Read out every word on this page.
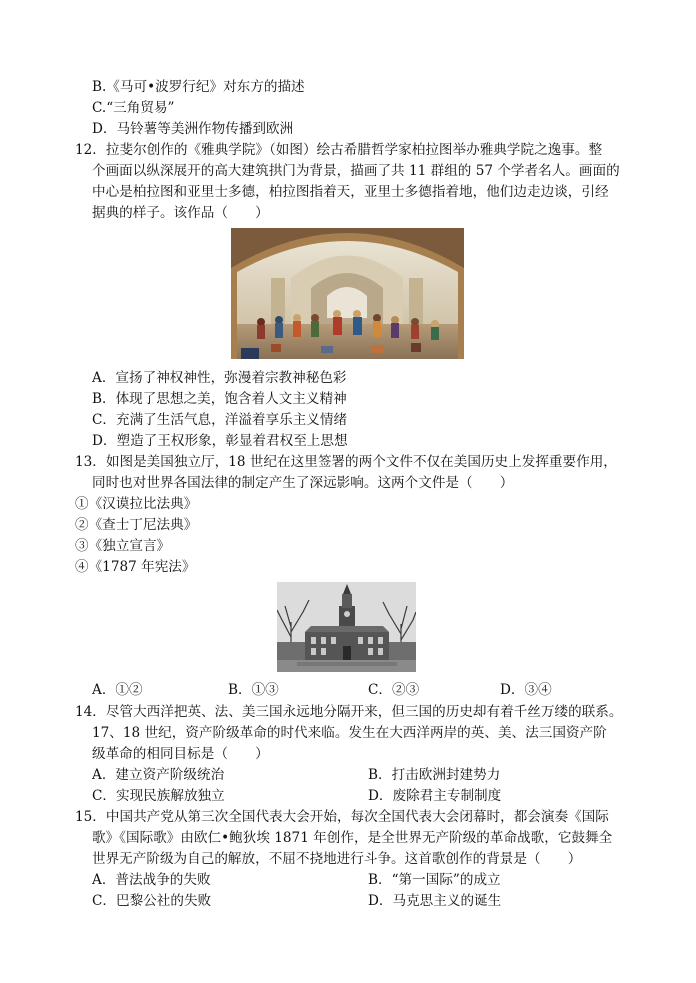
B.《马可•波罗行纪》对东方的描述
C.“三角贸易”
D．马铃薯等美洲作物传播到欧洲
12．拉斐尔创作的《雅典学院》（如图）绘古希腊哲学家柏拉图举办雅典学院之逸事。整
个画面以纵深展开的高大建筑拱门为背景，描画了共 11 群组的 57 个学者名人。画面的
中心是柏拉图和亚里士多德，柏拉图指着天，亚里士多德指着地，他们边走边谈，引经
据典的样子。该作品（　　）
A．宣扬了神权神性，弥漫着宗教神秘色彩
B．体现了思想之美，饱含着人文主义精神
C．充满了生活气息，洋溢着享乐主义情绪
D．塑造了王权形象，彰显着君权至上思想
13．如图是美国独立厅，18 世纪在这里签署的两个文件不仅在美国历史上发挥重要作用，
同时也对世界各国法律的制定产生了深远影响。这两个文件是（　　）
①《汉谟拉比法典》
②《查士丁尼法典》
③《独立宣言》
④《1787 年宪法》
A．①②	B．①③	C．②③	D．③④
14．尽管大西洋把英、法、美三国永远地分隔开来，但三国的历史却有着千丝万缕的联系。
17、18 世纪，资产阶级革命的时代来临。发生在大西洋两岸的英、美、法三国资产阶
级革命的相同目标是（　　）
A．建立资产阶级统治	B．打击欧洲封建势力
C．实现民族解放独立	D．废除君主专制制度
15．中国共产党从第三次全国代表大会开始，每次全国代表大会闭幕时，都会演奏《国际
歌》《国际歌》由欧仁•鲍狄埃 1871 年创作，是全世界无产阶级的革命战歌，它鼓舞全
世界无产阶级为自己的解放，不屈不挠地进行斗争。这首歌创作的背景是（　　）
A．普法战争的失败	B．“第一国际”的成立
C．巴黎公社的失败	D．马克思主义的诞生
